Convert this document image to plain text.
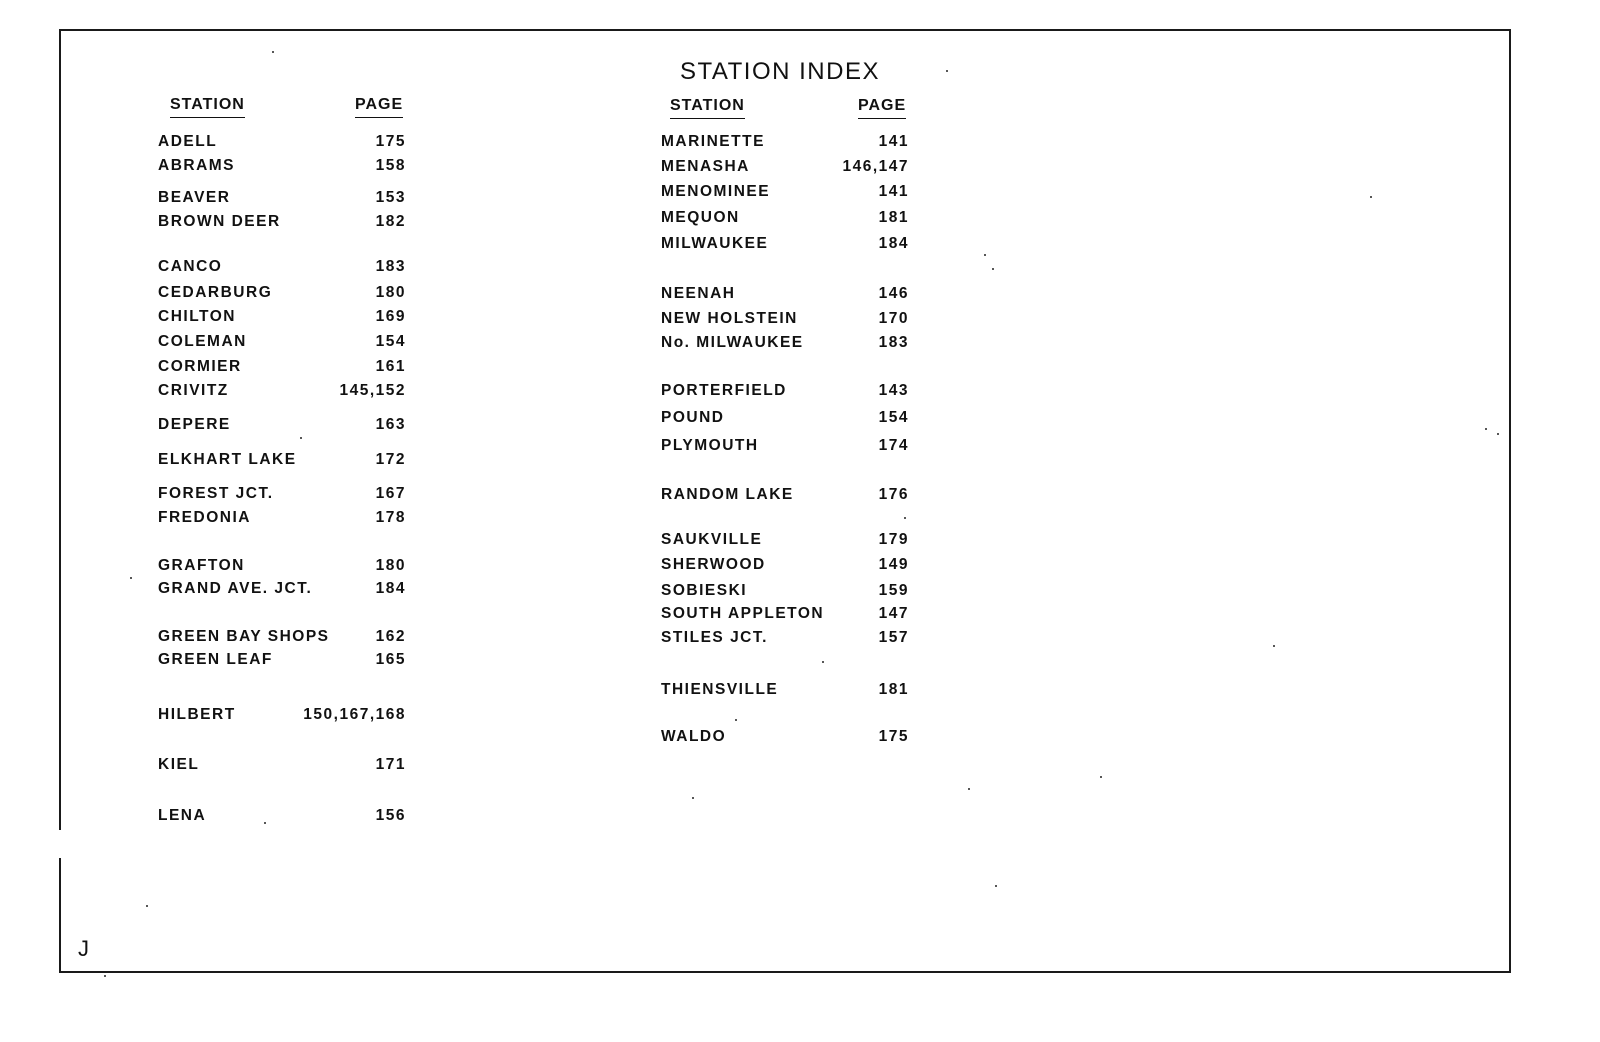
STATION INDEX
STATION	PAGE	STATION	PAGE
ADELL	175
ABRAMS	158
BEAVER	153
BROWN DEER	182
CANCO	183
CEDARBURG	180
CHILTON	169
COLEMAN	154
CORMIER	161
CRIVITZ	145,152
DEPERE	163
ELKHART LAKE	172
FOREST JCT.	167
FREDONIA	178
GRAFTON	180
GRAND AVE. JCT.	184
GREEN BAY SHOPS	162
GREEN LEAF	165
HILBERT	150,167,168
KIEL	171
LENA	156
MARINETTE	141
MENASHA	146,147
MENOMINEE	141
MEQUON	181
MILWAUKEE	184
NEENAH	146
NEW HOLSTEIN	170
No. MILWAUKEE	183
PORTERFIELD	143
POUND	154
PLYMOUTH	174
RANDOM LAKE	176
SAUKVILLE	179
SHERWOOD	149
SOBIESKI	159
SOUTH APPLETON	147
STILES JCT.	157
THIENSVILLE	181
WALDO	175
J
